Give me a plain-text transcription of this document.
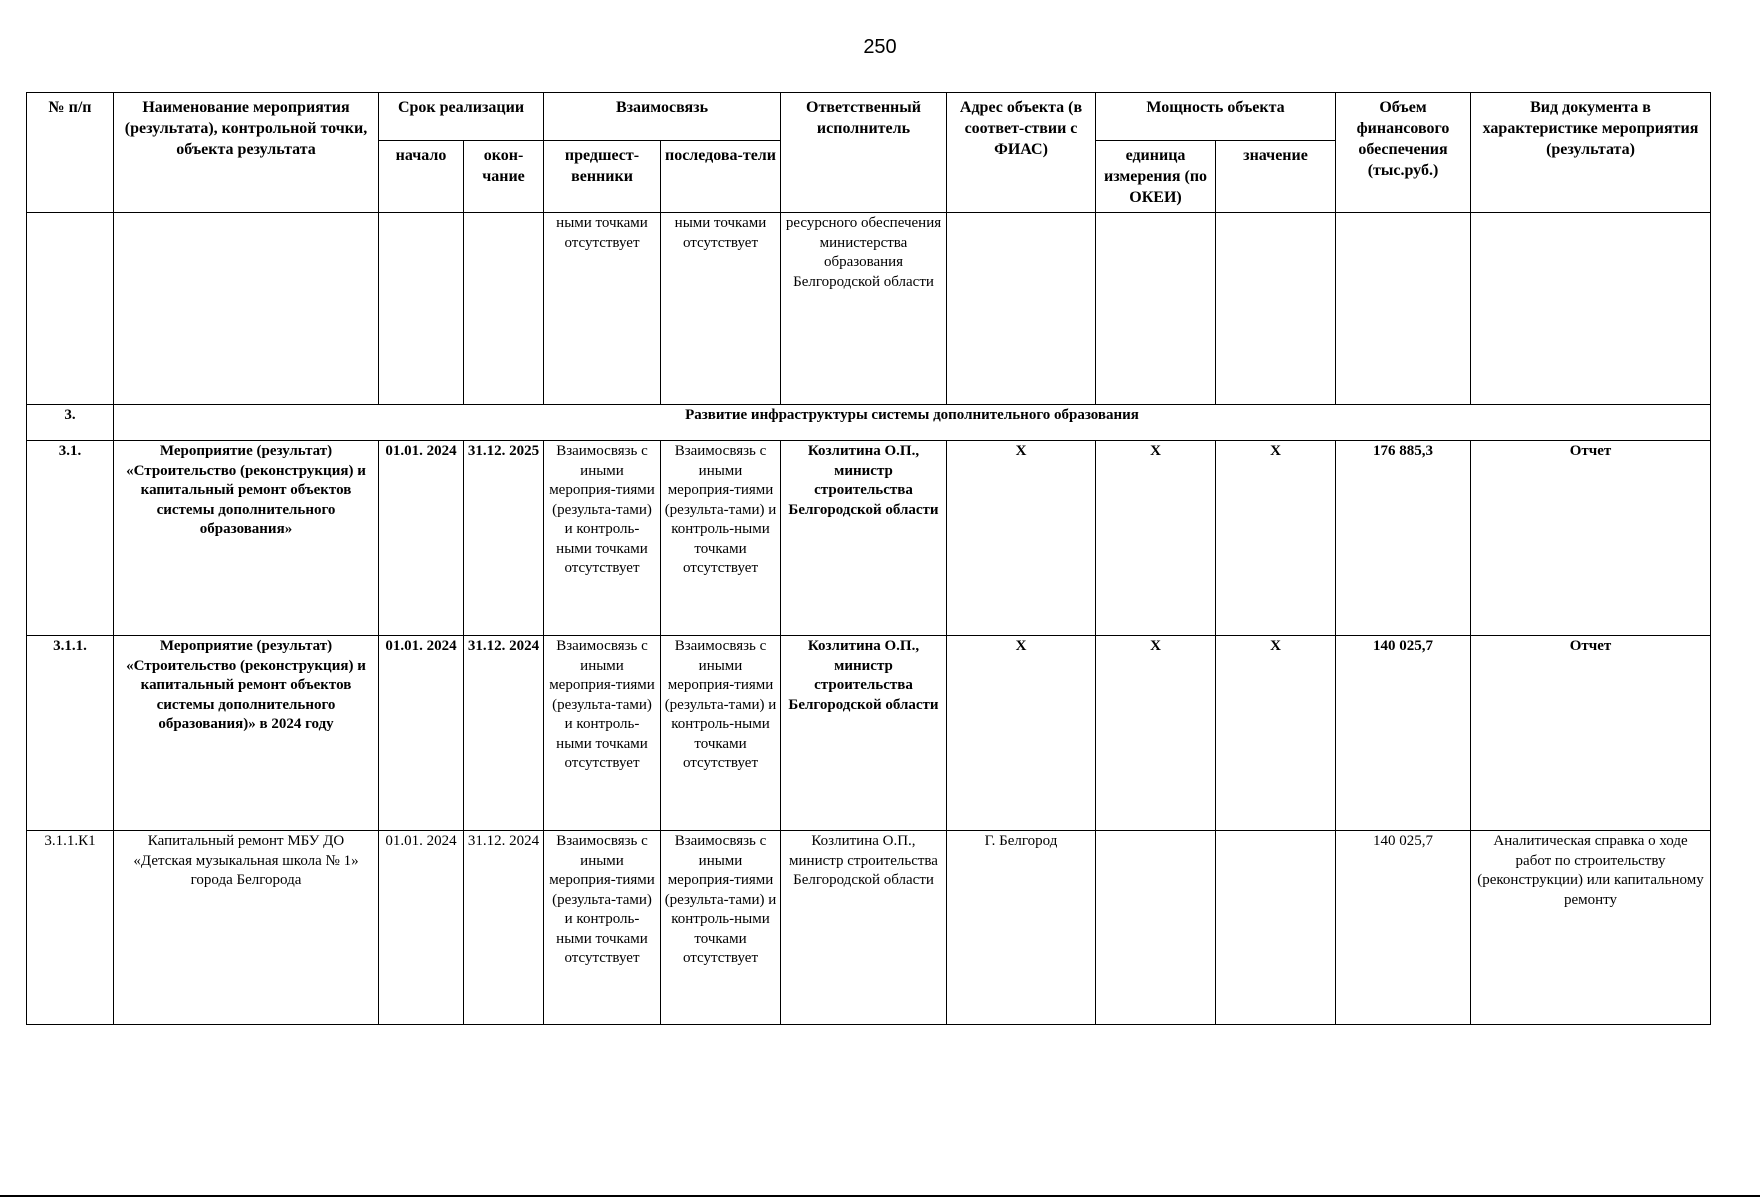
250
№ п/п	Наименование мероприятия (результата), контрольной точки, объекта результата	Срок реализации		Взаимосвязь		Ответственный исполнитель	Адрес объекта (в соответ-ствии с ФИАС)	Мощность объекта		Объем финансового обеспечения (тыс.руб.)	Вид документа в характеристике мероприятия (результата)
		начало	окон-чание	предшест-венники	последова-тели			единица измерения (по ОКЕИ)	значение		
				ными точками отсутствует	ными точками отсутствует	ресурсного обеспечения министерства образования Белгородской области					
3.	Развитие инфраструктуры системы дополнительного образования										
3.1.	Мероприятие (результат) «Строительство (реконструкция) и капитальный ремонт объектов системы дополнительного образования»	01.01. 2024	31.12. 2025	Взаимосвязь с иными мероприя-тиями (результа-тами) и контроль-ными точками отсутствует	Взаимосвязь с иными мероприя-тиями (результа-тами) и контроль-ными точками отсутствует	Козлитина О.П., министр строительства Белгородской области	X	X	X	176 885,3	Отчет
3.1.1.	Мероприятие (результат) «Строительство (реконструкция) и капитальный ремонт объектов системы дополнительного образования)» в 2024 году	01.01. 2024	31.12. 2024	Взаимосвязь с иными мероприя-тиями (результа-тами) и контроль-ными точками отсутствует	Взаимосвязь с иными мероприя-тиями (результа-тами) и контроль-ными точками отсутствует	Козлитина О.П., министр строительства Белгородской области	X	X	X	140 025,7	Отчет
3.1.1.К1	Капитальный ремонт МБУ ДО «Детская музыкальная школа № 1» города Белгорода	01.01. 2024	31.12. 2024	Взаимосвязь с иными мероприя-тиями (результа-тами) и контроль-ными точками отсутствует	Взаимосвязь с иными мероприя-тиями (результа-тами) и контроль-ными точками отсутствует	Козлитина О.П., министр строительства Белгородской области	Г. Белгород			140 025,7	Аналитическая справка о ходе работ по строительству (реконструкции) или капитальному ремонту
